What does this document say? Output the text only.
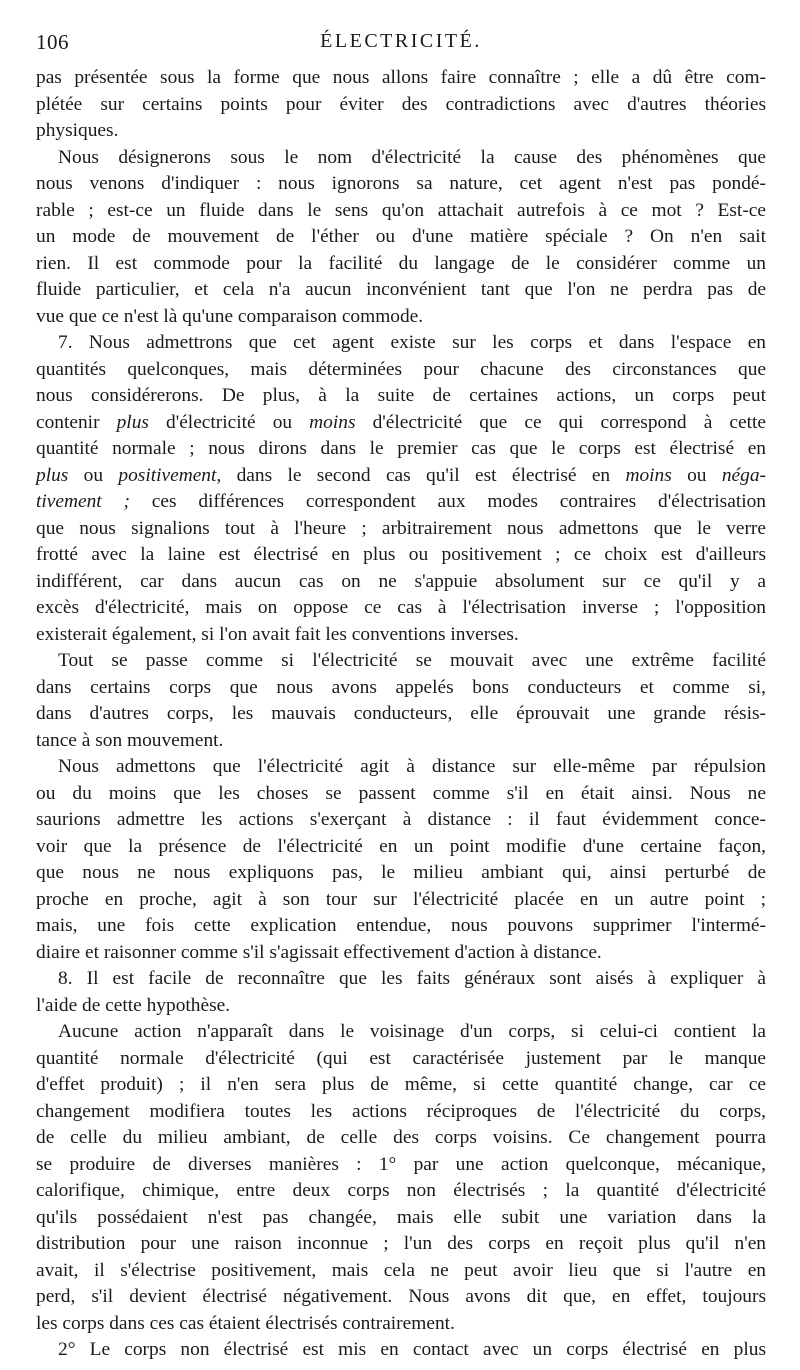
106	ÉLECTRICITÉ.
pas présentée sous la forme que nous allons faire connaître ; elle a dû être com-
plétée sur certains points pour éviter des contradictions avec d'autres théories
physiques.
Nous désignerons sous le nom d'électricité la cause des phénomènes que
nous venons d'indiquer : nous ignorons sa nature, cet agent n'est pas pondé-
rable ; est-ce un fluide dans le sens qu'on attachait autrefois à ce mot ? Est-ce
un mode de mouvement de l'éther ou d'une matière spéciale ? On n'en sait
rien. Il est commode pour la facilité du langage de le considérer comme un
fluide particulier, et cela n'a aucun inconvénient tant que l'on ne perdra pas de
vue que ce n'est là qu'une comparaison commode.
7. Nous admettrons que cet agent existe sur les corps et dans l'espace en
quantités quelconques, mais déterminées pour chacune des circonstances que
nous considérerons. De plus, à la suite de certaines actions, un corps peut
contenir plus d'électricité ou moins d'électricité que ce qui correspond à cette
quantité normale ; nous dirons dans le premier cas que le corps est électrisé en
plus ou positivement, dans le second cas qu'il est électrisé en moins ou néga-
tivement ; ces différences correspondent aux modes contraires d'électrisation
que nous signalions tout à l'heure ; arbitrairement nous admettons que le verre
frotté avec la laine est électrisé en plus ou positivement ; ce choix est d'ailleurs
indifférent, car dans aucun cas on ne s'appuie absolument sur ce qu'il y a
excès d'électricité, mais on oppose ce cas à l'électrisation inverse ; l'opposition
existerait également, si l'on avait fait les conventions inverses.
Tout se passe comme si l'électricité se mouvait avec une extrême facilité
dans certains corps que nous avons appelés bons conducteurs et comme si,
dans d'autres corps, les mauvais conducteurs, elle éprouvait une grande résis-
tance à son mouvement.
Nous admettons que l'électricité agit à distance sur elle-même par répulsion
ou du moins que les choses se passent comme s'il en était ainsi. Nous ne
saurions admettre les actions s'exerçant à distance : il faut évidemment conce-
voir que la présence de l'électricité en un point modifie d'une certaine façon,
que nous ne nous expliquons pas, le milieu ambiant qui, ainsi perturbé de
proche en proche, agit à son tour sur l'électricité placée en un autre point ;
mais, une fois cette explication entendue, nous pouvons supprimer l'intermé-
diaire et raisonner comme s'il s'agissait effectivement d'action à distance.
8. Il est facile de reconnaître que les faits généraux sont aisés à expliquer à
l'aide de cette hypothèse.
Aucune action n'apparaît dans le voisinage d'un corps, si celui-ci contient la
quantité normale d'électricité (qui est caractérisée justement par le manque
d'effet produit) ; il n'en sera plus de même, si cette quantité change, car ce
changement modifiera toutes les actions réciproques de l'électricité du corps,
de celle du milieu ambiant, de celle des corps voisins. Ce changement pourra
se produire de diverses manières : 1° par une action quelconque, mécanique,
calorifique, chimique, entre deux corps non électrisés ; la quantité d'électricité
qu'ils possédaient n'est pas changée, mais elle subit une variation dans la
distribution pour une raison inconnue ; l'un des corps en reçoit plus qu'il n'en
avait, il s'électrise positivement, mais cela ne peut avoir lieu que si l'autre en
perd, s'il devient électrisé négativement. Nous avons dit que, en effet, toujours
les corps dans ces cas étaient électrisés contrairement.
2° Le corps non électrisé est mis en contact avec un corps électrisé en plus
